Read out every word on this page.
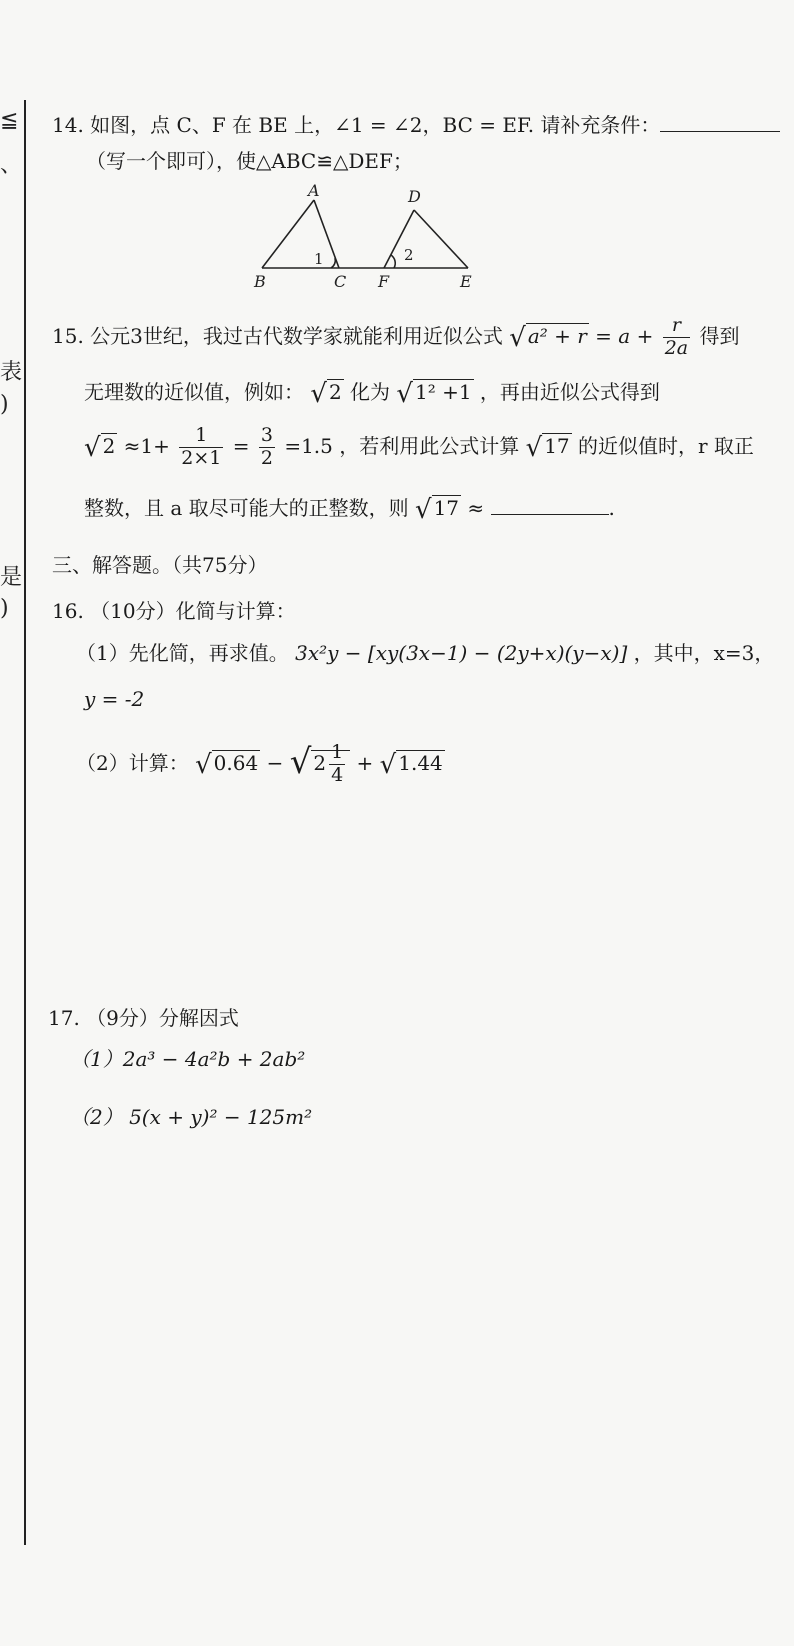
≦
、
表
)
是
)
14. 如图，点 C、F 在 BE 上，∠1 = ∠2，BC = EF. 请补充条件：
（写一个即可），使△ABC≌△DEF；
A
B	C
D
E
F
1	2
15. 公元3世纪，我过古代数学家就能利用近似公式 √ $a^2 + r = a + \frac{r}{2a}$ 得到
无理数的近似值，例如： √ 2 化为 √ 1² +1 ，再由近似公式得到
√ $2 \approx 1+ \frac{1}{2\times 1} = \frac{3}{2} =1.5$ ，若利用此公式计算 √ 17 的近似值时，r 取正
整数，且 a 取尽可能大的正整数，则 √ 17 ≈	.
三、解答题。（共75分）
16. （10分）化简与计算：
（1）先化简，再求值。 3x²y − [xy(3x−1) − (2y+x)(y−x)] ，其中，x=3，
y = -2
（2）计算： √ 0.64 − √ $2 \frac{1}{4}$ + √ 1.44
17. （9分）分解因式
（1）2a³ − 4a²b + 2ab²
（2） 5(x + y)² − 125m²
